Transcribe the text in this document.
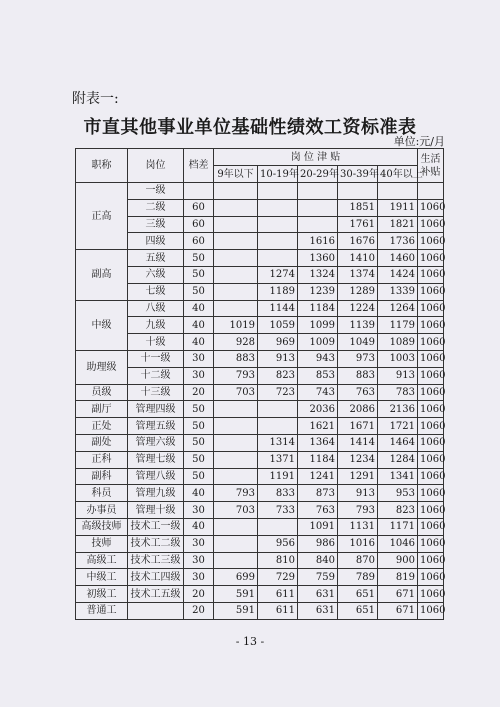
附表一:
市直其他事业单位基础性绩效工资标准表
单位:元/月
职称	岗位	档差	岗 位 津 贴					生活
补贴
			9年以下	10-19年	20-29年	30-39年	40年以上	
正高	一级							
	二级	60				1851	1911	1060
	三级	60				1761	1821	1060
	四级	60			1616	1676	1736	1060
副高	五级	50			1360	1410	1460	1060
	六级	50		1274	1324	1374	1424	1060
	七级	50		1189	1239	1289	1339	1060
中级	八级	40		1144	1184	1224	1264	1060
	九级	40	1019	1059	1099	1139	1179	1060
	十级	40	928	969	1009	1049	1089	1060
助理级	十一级	30	883	913	943	973	1003	1060
	十二级	30	793	823	853	883	913	1060
员级	十三级	20	703	723	743	763	783	1060
副厅	管理四级	50			2036	2086	2136	1060
正处	管理五级	50			1621	1671	1721	1060
副处	管理六级	50		1314	1364	1414	1464	1060
正科	管理七级	50		1371	1184	1234	1284	1060
副科	管理八级	50		1191	1241	1291	1341	1060
科员	管理九级	40	793	833	873	913	953	1060
办事员	管理十级	30	703	733	763	793	823	1060
高级技师	技术工一级	40			1091	1131	1171	1060
技师	技术工二级	30		956	986	1016	1046	1060
高级工	技术工三级	30		810	840	870	900	1060
中级工	技术工四级	30	699	729	759	789	819	1060
初级工	技术工五级	20	591	611	631	651	671	1060
普通工		20	591	611	631	651	671	1060
- 13 -
